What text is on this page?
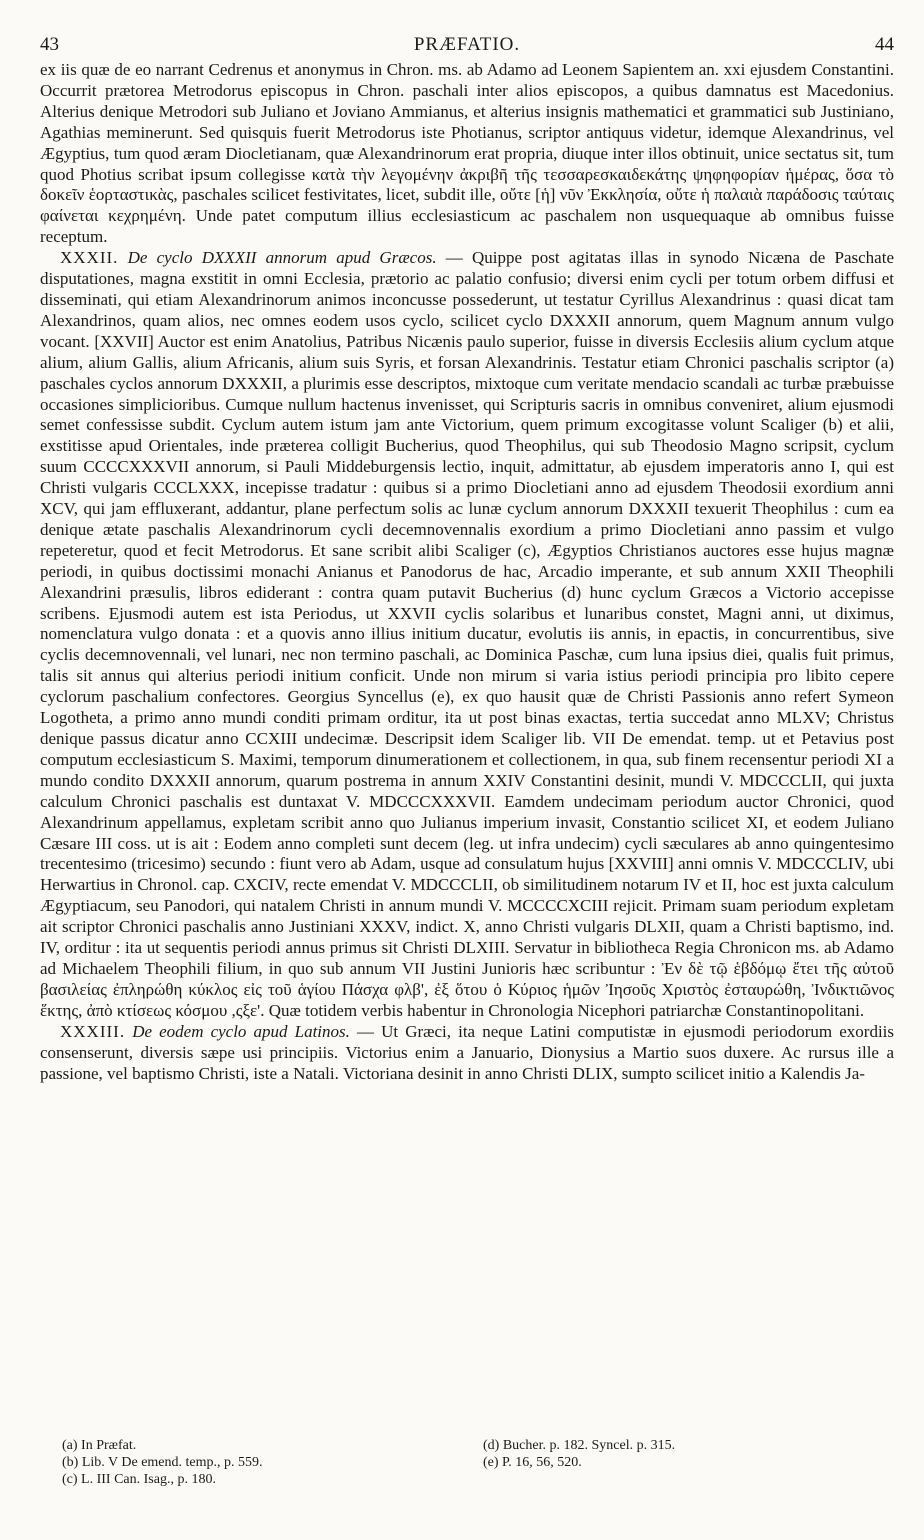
43	PRÆFATIO.	44

ex iis quæ de eo narrant Cedrenus et anonymus in Chron. ms. ab Adamo ad Leonem Sapientem an. xxi ejusdem Constantini. Occurrit prætorea Metrodorus episcopus in Chron. paschali inter alios episcopos, a quibus damnatus est Macedonius. Alterius denique Metrodori sub Juliano et Joviano Ammianus, et alterius insignis mathematici et grammatici sub Justiniano, Agathias meminerunt. Sed quisquis fuerit Metrodorus iste Photianus, scriptor antiquus videtur, idemque Alexandrinus, vel Ægyptius, tum quod æram Diocletianam, quæ Alexandrinorum erat propria, diuque inter illos obtinuit, unice sectatus sit, tum quod Photius scribat ipsum collegisse κατὰ τὴν λεγομένην ἀκριβῆ τῆς τεσσαρεσκαιδεκάτης ψηφηφορίαν ἡμέρας, ὅσα τὸ δοκεῖν ἑορταστικὰς, paschales scilicet festivitates, licet, subdit ille, οὔτε [ἡ] νῦν Ἐκκλησία, οὔτε ἡ παλαιὰ παράδοσις ταύταις φαίνεται κεχρημένη. Unde patet computum illius ecclesiasticum ac paschalem non usquequaque ab omnibus fuisse receptum.

XXXII. De cyclo DXXXII annorum apud Græcos. — Quippe post agitatas illas in synodo Nicæna de Paschate disputationes, magna exstitit in omni Ecclesia, prætorio ac palatio confusio; diversi enim cycli per totum orbem diffusi et disseminati, qui etiam Alexandrinorum animos inconcusse possederunt, ut testatur Cyrillus Alexandrinus : quasi dicat tam Alexandrinos, quam alios, nec omnes eodem usos cyclo, scilicet cyclo DXXXII annorum, quem Magnum annum vulgo vocant. [XXVII] Auctor est enim Anatolius, Patribus Nicænis paulo superior, fuisse in diversis Ecclesiis alium cyclum atque alium, alium Gallis, alium Africanis, alium suis Syris, et forsan Alexandrinis. Testatur etiam Chronici paschalis scriptor (a) paschales cyclos annorum DXXXII, a plurimis esse descriptos, mixtoque cum veritate mendacio scandali ac turbæ præbuisse occasiones simplicioribus. Cumque nullum hactenus invenisset, qui Scripturis sacris in omnibus conveniret, alium ejusmodi semet confessisse subdit. Cyclum autem istum jam ante Victorium, quem primum excogitasse volunt Scaliger (b) et alii, exstitisse apud Orientales, inde præterea colligit Bucherius, quod Theophilus, qui sub Theodosio Magno scripsit, cyclum suum CCCCXXXVII annorum, si Pauli Middeburgensis lectio, inquit, admittatur, ab ejusdem imperatoris anno I, qui est Christi vulgaris CCCLXXX, incepisse tradatur : quibus si a primo Diocletiani anno ad ejusdem Theodosii exordium anni XCV, qui jam effluxerant, addantur, plane perfectum solis ac lunæ cyclum annorum DXXXII texuerit Theophilus : cum ea denique ætate paschalis Alexandrinorum cycli decemnovennalis exordium a primo Diocletiani anno passim et vulgo repeteretur, quod et fecit Metrodorus. Et sane scribit alibi Scaliger (c), Ægyptios Christianos auctores esse hujus magnæ periodi, in quibus doctissimi monachi Anianus et Panodorus de hac, Arcadio imperante, et sub annum XXII Theophili Alexandrini præsulis, libros ediderant : contra quam putavit Bucherius (d) hunc cyclum Græcos a Victorio accepisse scribens. Ejusmodi autem est ista Periodus, ut XXVII cyclis solaribus et lunaribus constet, Magni anni, ut diximus, nomenclatura vulgo donata : et a quovis anno illius initium ducatur, evolutis iis annis, in epactis, in concurrentibus, sive cyclis decemnovennali, vel lunari, nec non termino paschali, ac Dominica Paschæ, cum luna ipsius diei, qualis fuit primus, talis sit annus qui alterius periodi initium conficit. Unde non mirum si varia istius periodi principia pro libito cepere cyclorum paschalium confectores. Georgius Syncellus (e), ex quo hausit quæ de Christi Passionis anno refert Symeon Logotheta, a primo anno mundi conditi primam orditur, ita ut post binas exactas, tertia succedat anno MLXV; Christus denique passus dicatur anno CCXIII undecimæ. Descripsit idem Scaliger lib. VII De emendat. temp. ut et Petavius post computum ecclesiasticum S. Maximi, temporum dinumerationem et collectionem, in qua, sub finem recensentur periodi XI a mundo condito DXXXII annorum, quarum postrema in annum XXIV Constantini desinit, mundi V. MDCCCLII, qui juxta calculum Chronici paschalis est duntaxat V. MDCCCXXXVII. Eamdem undecimam periodum auctor Chronici, quod Alexandrinum appellamus, expletam scribit anno quo Julianus imperium invasit, Constantio scilicet XI, et eodem Juliano Cæsare III coss. ut is ait : Eodem anno completi sunt decem (leg. ut infra undecim) cycli sæculares ab anno quingentesimo trecentesimo (tricesimo) secundo : fiunt vero ab Adam, usque ad consulatum hujus [XXVIII] anni omnis V. MDCCCLIV, ubi Herwartius in Chronol. cap. CXCIV, recte emendat V. MDCCCLII, ob similitudinem notarum IV et II, hoc est juxta calculum Ægyptiacum, seu Panodori, qui natalem Christi in annum mundi V. MCCCCXCIII rejicit. Primam suam periodum expletam ait scriptor Chronici paschalis anno Justiniani XXXV, indict. X, anno Christi vulgaris DLXII, quam a Christi baptismo, ind. IV, orditur : ita ut sequentis periodi annus primus sit Christi DLXIII. Servatur in bibliotheca Regia Chronicon ms. ab Adamo ad Michaelem Theophili filium, in quo sub annum VII Justini Junioris hæc scribuntur : Ἐν δὲ τῷ ἑβδόμῳ ἔτει τῆς αὐτοῦ βασιλείας ἐπληρώθη κύκλος εἰς τοῦ ἁγίου Πάσχα φλβ', ἐξ ὅτου ὁ Κύριος ἡμῶν Ἰησοῦς Χριστὸς ἐσταυρώθη, Ἰνδικτιῶνος ἕκτης, ἀπὸ κτίσεως κόσμου ,ςξε'. Quæ totidem verbis habentur in Chronologia Nicephori patriarchæ Constantinopolitani.

XXXIII. De eodem cyclo apud Latinos. — Ut Græci, ita neque Latini computistæ in ejusmodi periodorum exordiis consenserunt, diversis sæpe usi principiis. Victorius enim a Januario, Dionysius a Martio suos duxere. Ac rursus ille a passione, vel baptismo Christi, iste a Natali. Victoriana desinit in anno Christi DLIX, sumpto scilicet initio a Kalendis Ja-

(a) In Præfat.
(b) Lib. V De emend. temp., p. 559.
(c) L. III Can. Isag., p. 180.
(d) Bucher. p. 182. Syncel. p. 315.
(e) P. 16, 56, 520.
